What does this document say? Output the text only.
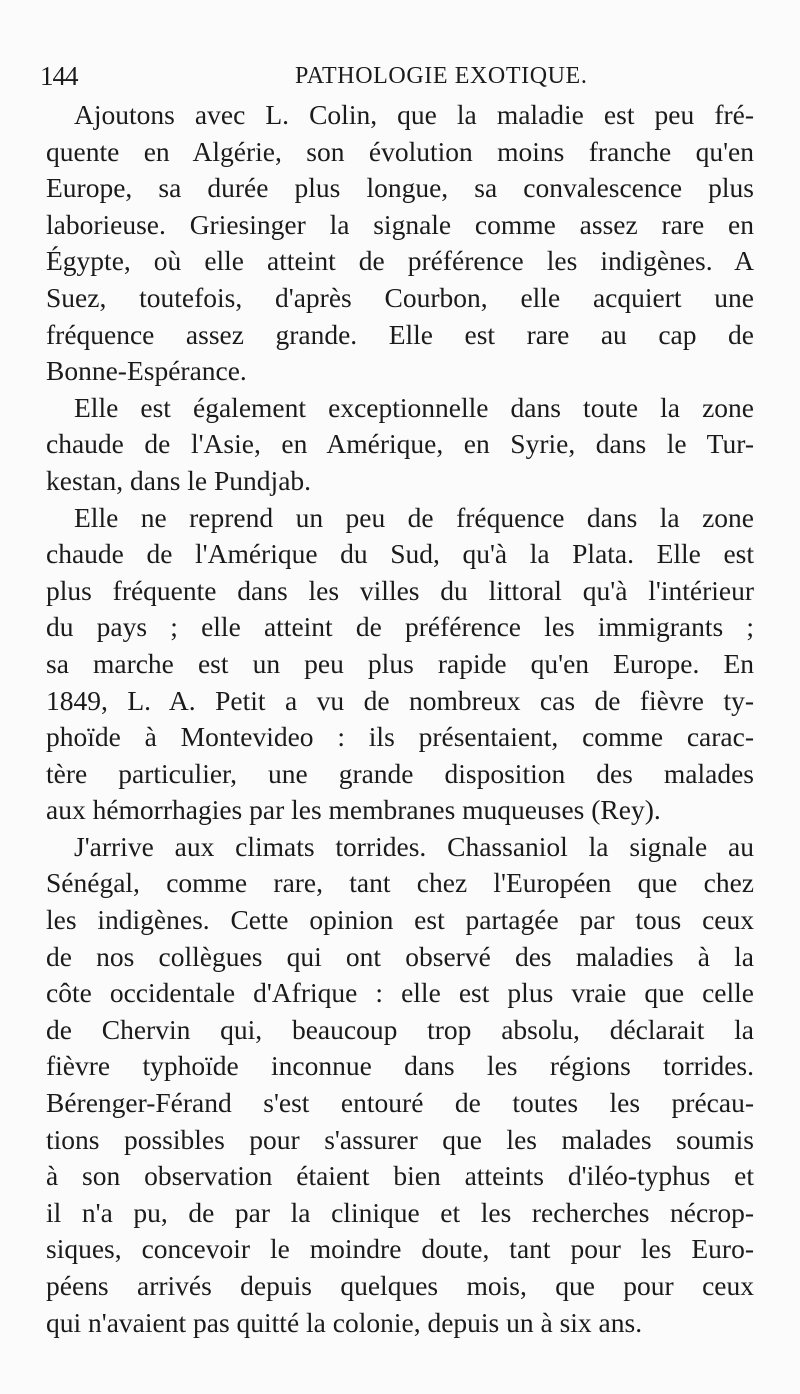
144	PATHOLOGIE EXOTIQUE.
Ajoutons avec L. Colin, que la maladie est peu fré-
quente en Algérie, son évolution moins franche qu'en
Europe, sa durée plus longue, sa convalescence plus
laborieuse. Griesinger la signale comme assez rare en
Égypte, où elle atteint de préférence les indigènes. A
Suez, toutefois, d'après Courbon, elle acquiert une
fréquence assez grande. Elle est rare au cap de
Bonne-Espérance.
Elle est également exceptionnelle dans toute la zone
chaude de l'Asie, en Amérique, en Syrie, dans le Tur-
kestan, dans le Pundjab.
Elle ne reprend un peu de fréquence dans la zone
chaude de l'Amérique du Sud, qu'à la Plata. Elle est
plus fréquente dans les villes du littoral qu'à l'intérieur
du pays ; elle atteint de préférence les immigrants ;
sa marche est un peu plus rapide qu'en Europe. En
1849, L. A. Petit a vu de nombreux cas de fièvre ty-
phoïde à Montevideo : ils présentaient, comme carac-
tère particulier, une grande disposition des malades
aux hémorrhagies par les membranes muqueuses (Rey).
J'arrive aux climats torrides. Chassaniol la signale au
Sénégal, comme rare, tant chez l'Européen que chez
les indigènes. Cette opinion est partagée par tous ceux
de nos collègues qui ont observé des maladies à la
côte occidentale d'Afrique : elle est plus vraie que celle
de Chervin qui, beaucoup trop absolu, déclarait la
fièvre typhoïde inconnue dans les régions torrides.
Bérenger-Férand s'est entouré de toutes les précau-
tions possibles pour s'assurer que les malades soumis
à son observation étaient bien atteints d'iléo-typhus et
il n'a pu, de par la clinique et les recherches nécrop-
siques, concevoir le moindre doute, tant pour les Euro-
péens arrivés depuis quelques mois, que pour ceux
qui n'avaient pas quitté la colonie, depuis un à six ans.
